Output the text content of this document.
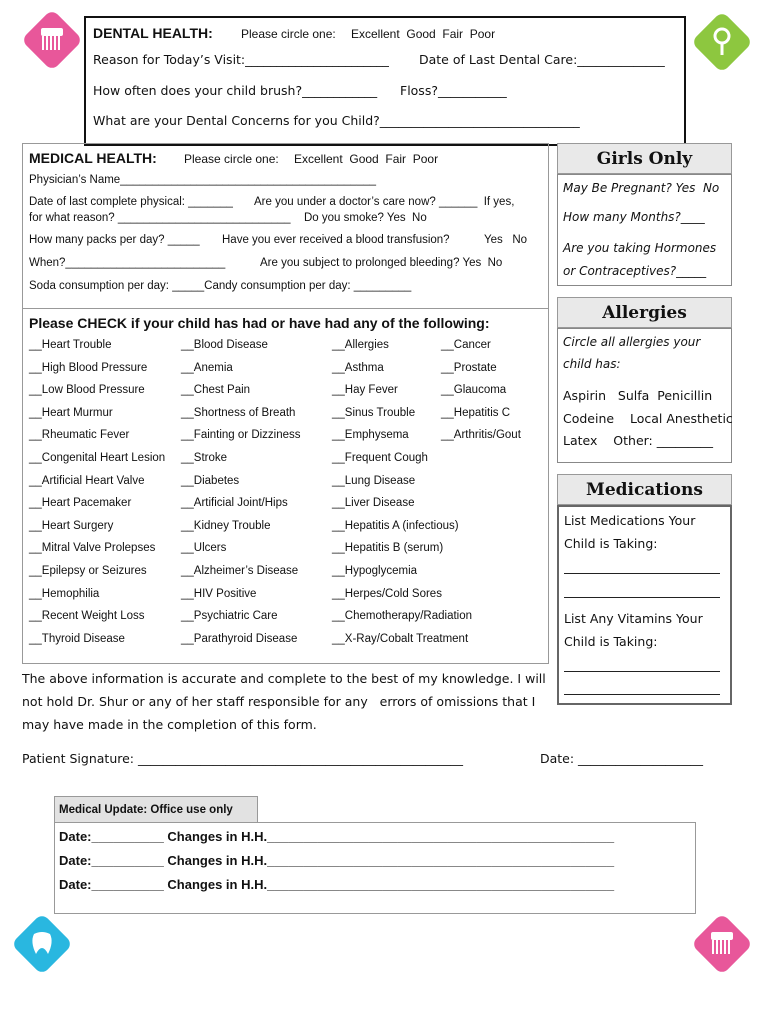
DENTAL HEALTH: Please circle one: Excellent  Good  Fair  Poor
Reason for Today’s Visit:_______________________ Date of Last Dental Care:______________
How often does your child brush?____________ Floss?___________
What are your Dental Concerns for you Child?________________________________
MEDICAL HEALTH: Please circle one: Excellent  Good  Fair  Poor
Physician’s Name________________________________________
Date of last complete physical: _______ Are you under a doctor’s care now? ______  If yes,
for what reason? ___________________________ Do you smoke? Yes  No
How many packs per day? _____ Have you ever received a blood transfusion?	Yes   No
When?_________________________	Are you subject to prolonged bleeding? Yes  No
Soda consumption per day: _____Candy consumption per day: _________
Please CHECK if your child has had or have had any of the following:
__Heart Trouble
__High Blood Pressure
__Low Blood Pressure
__Heart Murmur
__Rheumatic Fever
__Congenital Heart Lesion
__Artificial Heart Valve
__Heart Pacemaker
__Heart Surgery
__Mitral Valve Prolepses
__Epilepsy or Seizures
__Hemophilia
__Recent Weight Loss
__Thyroid Disease
__Blood Disease
__Anemia
__Chest Pain
__Shortness of Breath
__Fainting or Dizziness
__Stroke
__Diabetes
__Artificial Joint/Hips
__Kidney Trouble
__Ulcers
__Alzheimer’s Disease
__HIV Positive
__Psychiatric Care
__Parathyroid Disease
__Allergies
__Asthma
__Hay Fever
__Sinus Trouble
__Emphysema
__Frequent Cough
__Lung Disease
__Liver Disease
__Hepatitis A (infectious)
__Hepatitis B (serum)
__Hypoglycemia
__Herpes/Cold Sores
__Chemotherapy/Radiation
__X-Ray/Cobalt Treatment
__Cancer
__Prostate
__Glaucoma
__Hepatitis C
__Arthritis/Gout
Girls Only
May Be Pregnant? Yes  No
How many Months?____
Are you taking Hormones
or Contraceptives?_____
Allergies
Circle all allergies your
child has:
Aspirin   Sulfa  Penicillin
Codeine    Local Anesthetic
Latex    Other: _________
Medications
List Medications Your
Child is Taking:
List Any Vitamins Your
Child is Taking:
The above information is accurate and complete to the best of my knowledge. I will
not hold Dr. Shur or any of her staff responsible for any   errors of omissions that I
may have made in the completion of this form.
Patient Signature: ____________________________________________________	Date: ____________________
Medical Update: Office use only
Date:__________ Changes in H.H.________________________________________________
Date:__________ Changes in H.H.________________________________________________
Date:__________ Changes in H.H.________________________________________________
